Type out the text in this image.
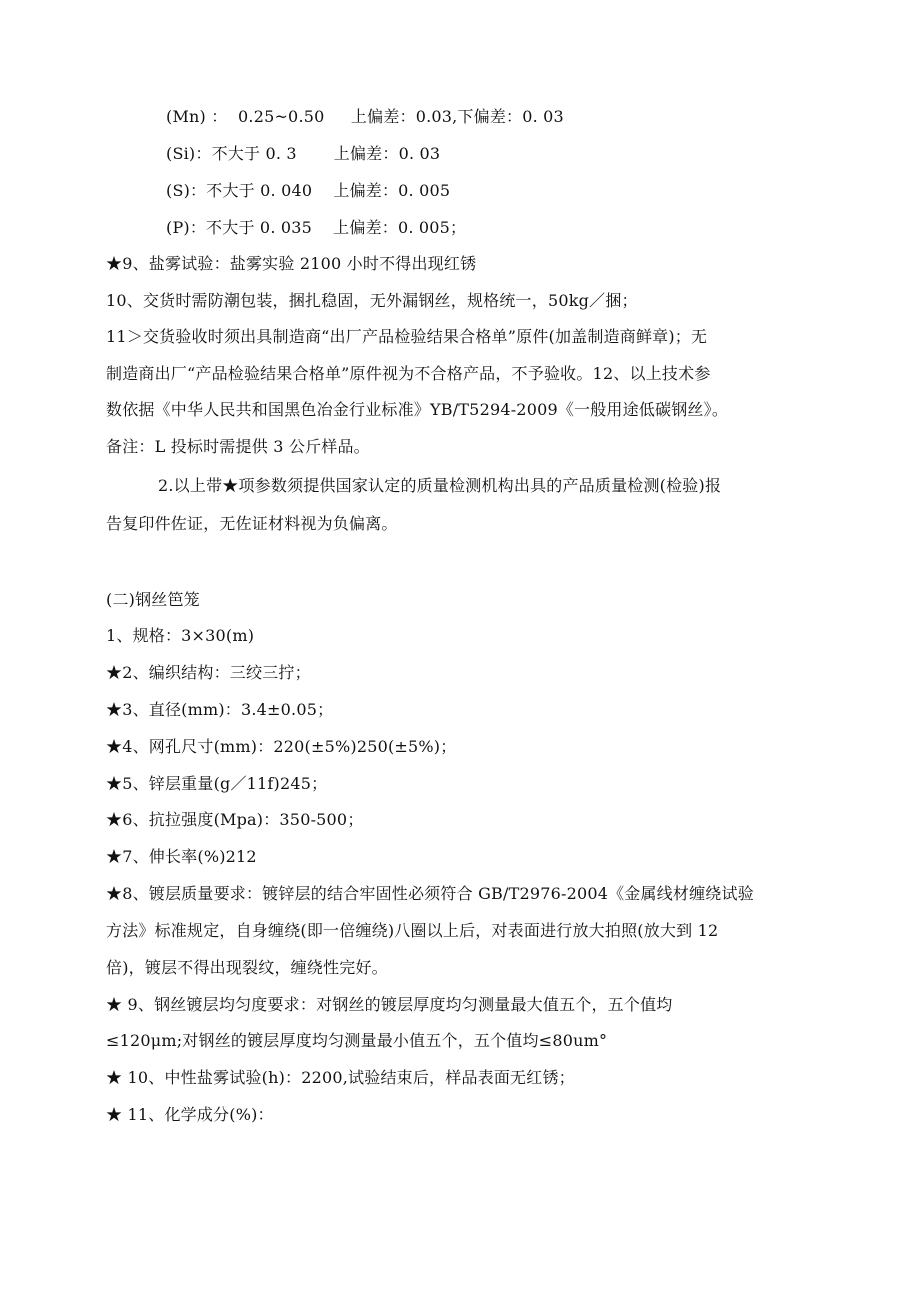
(Mn) ：  0.25~0.50     上偏差：0.03,下偏差：0. 03
(Si)：不大于 0. 3       上偏差：0. 03
(S)：不大于 0. 040    上偏差：0. 005
(P)：不大于 0. 035    上偏差：0. 005；
★9、盐雾试验：盐雾实验 2100 小时不得出现红锈
10、交货时需防潮包装，捆扎稳固，无外漏钢丝，规格统一，50kg／捆；
11＞交货验收时须出具制造商“出厂产品检验结果合格单”原件(加盖制造商鲜章)；无
制造商出厂“产品检验结果合格单”原件视为不合格产品，不予验收。12、以上技术参
数依据《中华人民共和国黑色冶金行业标准》YB/T5294-2009《一般用途低碳钢丝》。
备注：L 投标时需提供 3 公斤样品。
2.以上带★项参数须提供国家认定的质量检测机构出具的产品质量检测(检验)报
告复印件佐证，无佐证材料视为负偏离。
(二)钢丝笆笼
1、规格：3×30(m)
★2、编织结构：三绞三拧；
★3、直径(mm)：3.4±0.05；
★4、网孔尺寸(mm)：220(±5%)250(±5%)；
★5、锌层重量(g／11f)245；
★6、抗拉强度(Mpa)：350-500；
★7、伸长率(%)212
★8、镀层质量要求：镀锌层的结合牢固性必须符合 GB/T2976-2004《金属线材缠绕试验
方法》标准规定，自身缠绕(即一倍缠绕)八圈以上后，对表面进行放大拍照(放大到 12
倍)，镀层不得出现裂纹，缠绕性完好。
★ 9、钢丝镀层均匀度要求：对钢丝的镀层厚度均匀测量最大值五个，五个值均
≤120μm;对钢丝的镀层厚度均匀测量最小值五个，五个值均≤80um°
★ 10、中性盐雾试验(h)：2200,试验结束后，样品表面无红锈；
★ 11、化学成分(%)：
